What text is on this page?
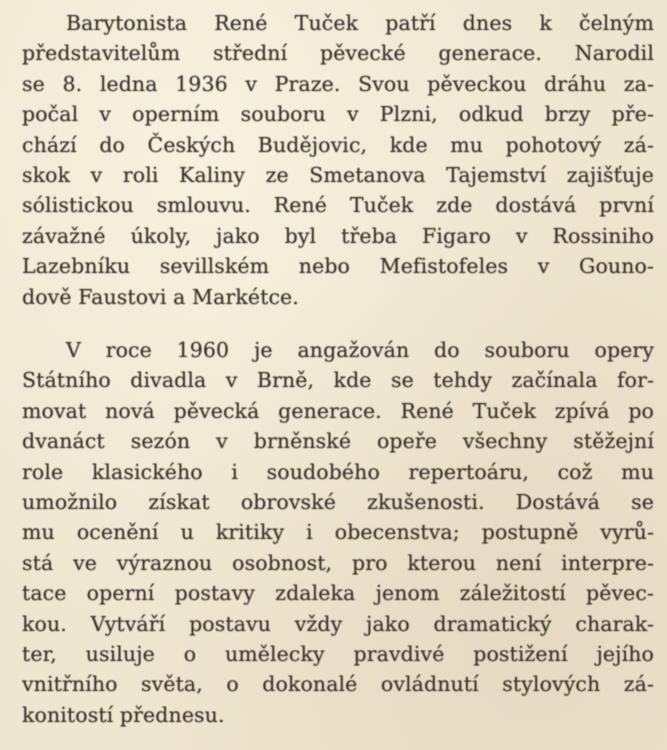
Barytonista René Tuček patří dnes k čelným
představitelům střední pěvecké generace. Narodil
se 8. ledna 1936 v Praze. Svou pěveckou dráhu za-
počal v operním souboru v Plzni, odkud brzy pře-
chází do Českých Budějovic, kde mu pohotový zá-
skok v roli Kaliny ze Smetanova Tajemství zajišťuje
sólistickou smlouvu. René Tuček zde dostává první
závažné úkoly, jako byl třeba Figaro v Rossiniho
Lazebníku sevillském nebo Mefistofeles v Gouno-
dově Faustovi a Markétce.

V roce 1960 je angažován do souboru opery
Státního divadla v Brně, kde se tehdy začínala for-
movat nová pěvecká generace. René Tuček zpívá po
dvanáct sezón v brněnské opeře všechny stěžejní
role klasického i soudobého repertoáru, což mu
umožnilo získat obrovské zkušenosti. Dostává se
mu ocenění u kritiky i obecenstva; postupně vyrů-
stá ve výraznou osobnost, pro kterou není interpre-
tace operní postavy zdaleka jenom záležitostí pěvec-
kou. Vytváří postavu vždy jako dramatický charak-
ter, usiluje o umělecky pravdivé postižení jejího
vnitřního světa, o dokonalé ovládnutí stylových zá-
konitostí přednesu.
